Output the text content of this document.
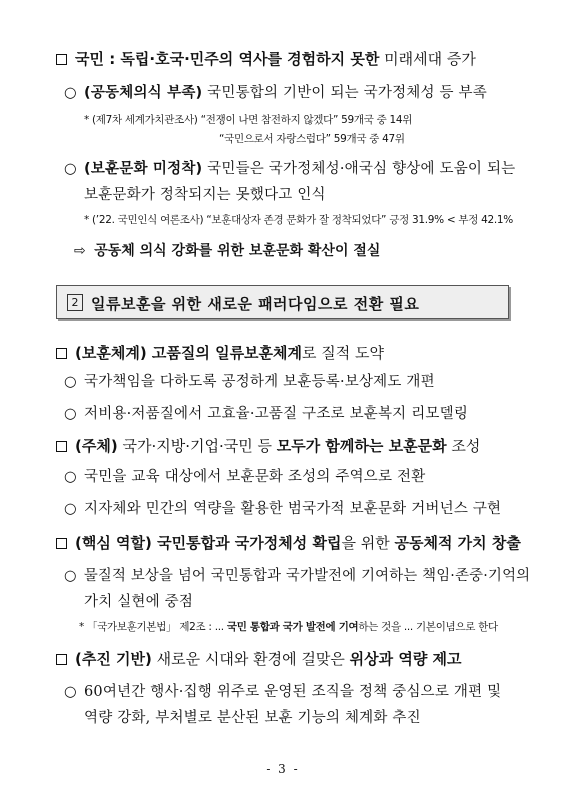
국민 : 독립·호국·민주의 역사를 경험하지 못한 미래세대 증가
○ (공동체의식 부족) 국민통합의 기반이 되는 국가정체성 등 부족
* (제7차 세계가치관조사) “전쟁이 나면 참전하지 않겠다” 59개국 중 14위
“국민으로서 자랑스럽다” 59개국 중 47위
○ (보훈문화 미정착) 국민들은 국가정체성·애국심 향상에 도움이 되는
보훈문화가 정착되지는 못했다고 인식
* (’22. 국민인식 여론조사) “보훈대상자 존경 문화가 잘 정착되었다” 긍정 31.9% < 부정 42.1%
⇨ 공동체 의식 강화를 위한 보훈문화 확산이 절실
2 일류보훈을 위한 새로운 패러다임으로 전환 필요
(보훈체계) 고품질의 일류보훈체계로 질적 도약
○ 국가책임을 다하도록 공정하게 보훈등록·보상제도 개편
○ 저비용·저품질에서 고효율·고품질 구조로 보훈복지 리모델링
(주체) 국가·지방·기업·국민 등 모두가 함께하는 보훈문화 조성
○ 국민을 교육 대상에서 보훈문화 조성의 주역으로 전환
○ 지자체와 민간의 역량을 활용한 범국가적 보훈문화 거버넌스 구현
(핵심 역할) 국민통합과 국가정체성 확립을 위한 공동체적 가치 창출
○ 물질적 보상을 넘어 국민통합과 국가발전에 기여하는 책임·존중·기억의
가치 실현에 중점
* 「국가보훈기본법」 제2조 : ... 국민 통합과 국가 발전에 기여하는 것을 ... 기본이념으로 한다
(추진 기반) 새로운 시대와 환경에 걸맞은 위상과 역량 제고
○ 60여년간 행사·집행 위주로 운영된 조직을 정책 중심으로 개편 및
역량 강화, 부처별로 분산된 보훈 기능의 체계화 추진
- 3 -
